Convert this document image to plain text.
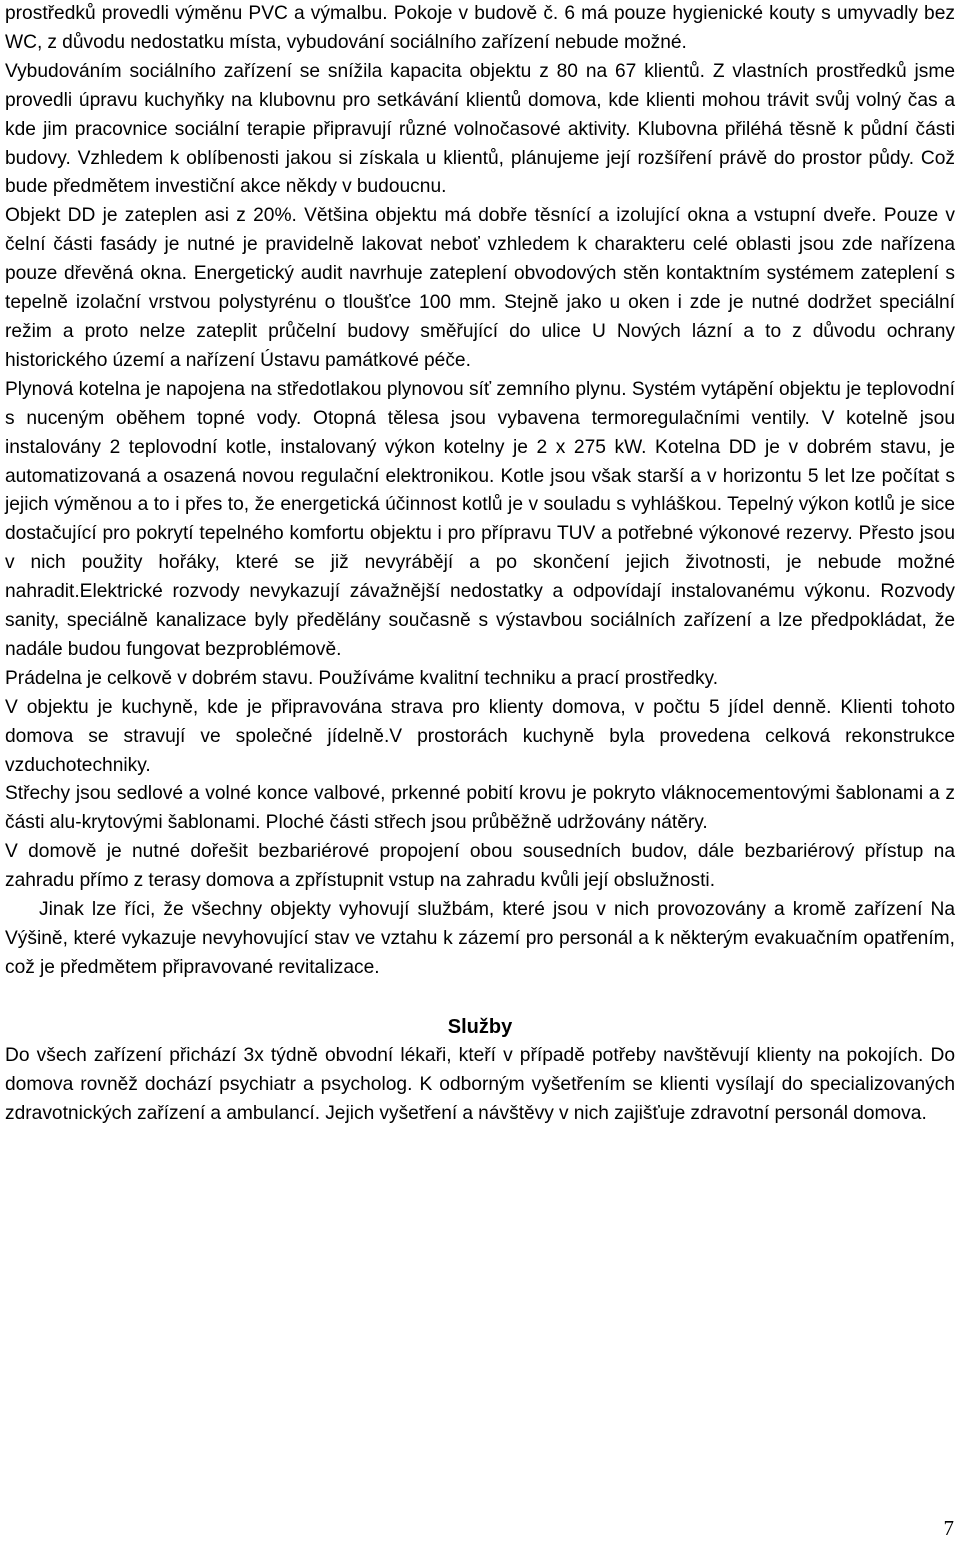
prostředků provedli výměnu PVC a výmalbu. Pokoje v budově č. 6 má pouze hygienické kouty s umyvadly bez WC, z důvodu nedostatku místa, vybudování sociálního zařízení nebude možné.

Vybudováním sociálního zařízení se snížila kapacita objektu z 80 na 67 klientů. Z vlastních prostředků jsme provedli úpravu kuchyňky na klubovnu pro setkávání klientů domova, kde klienti mohou trávit svůj volný čas a kde jim pracovnice sociální terapie připravují různé volnočasové aktivity. Klubovna přiléhá těsně k půdní části budovy. Vzhledem k oblíbenosti jakou si získala u klientů, plánujeme její rozšíření právě do prostor půdy. Což bude předmětem investiční akce někdy v budoucnu.

Objekt DD je zateplen asi z 20%. Většina objektu má dobře těsnící a izolující okna a vstupní dveře. Pouze v čelní části fasády je nutné je pravidelně lakovat neboť vzhledem k charakteru celé oblasti jsou zde nařízena pouze dřevěná okna. Energetický audit navrhuje zateplení obvodových stěn kontaktním systémem zateplení s tepelně izolační vrstvou polystyrénu o tloušťce 100 mm. Stejně jako u oken i zde je nutné dodržet speciální režim a proto nelze zateplit průčelní budovy směřující do ulice U Nových lázní a to z důvodu ochrany historického území a nařízení Ústavu památkové péče.

Plynová kotelna je napojena na středotlakou plynovou síť zemního plynu. Systém vytápění objektu je teplovodní s nuceným oběhem topné vody. Otopná tělesa jsou vybavena termoregulačními ventily. V kotelně jsou instalovány 2 teplovodní kotle, instalovaný výkon kotelny je 2 x 275 kW. Kotelna DD je v dobrém stavu, je automatizovaná a osazená novou regulační elektronikou. Kotle jsou však starší a v horizontu 5 let lze počítat s jejich výměnou a to i přes to, že energetická účinnost kotlů je v souladu s vyhláškou. Tepelný výkon kotlů je sice dostačující pro pokrytí tepelného komfortu objektu i pro přípravu TUV a potřebné výkonové rezervy. Přesto jsou v nich použity hořáky, které se již nevyrábějí a po skončení jejich životnosti, je nebude možné nahradit.Elektrické rozvody nevykazují závažnější nedostatky a odpovídají instalovanému výkonu. Rozvody sanity, speciálně kanalizace byly předělány současně s výstavbou sociálních zařízení a lze předpokládat, že nadále budou fungovat bezproblémově.

Prádelna je celkově v dobrém stavu. Používáme kvalitní techniku a prací prostředky.

V objektu je kuchyně, kde je připravována strava pro klienty domova, v počtu 5 jídel denně. Klienti tohoto domova se stravují ve společné jídelně.V prostorách kuchyně byla provedena celková rekonstrukce vzduchotechniky.

Střechy jsou sedlové a volné konce valbové, prkenné pobití krovu je pokryto vláknocementovými šablonami a z části alu-krytovými šablonami. Ploché části střech jsou průběžně udržovány nátěry.

V domově je nutné dořešit bezbariérové propojení obou sousedních budov, dále bezbariérový přístup na zahradu přímo z terasy domova a zpřístupnit vstup na zahradu kvůli její obslužnosti.

Jinak lze říci, že všechny objekty vyhovují službám, které jsou v nich provozovány a kromě zařízení Na Výšině, které vykazuje nevyhovující stav ve vztahu k zázemí pro personál a k některým evakuačním opatřením, což je předmětem připravované revitalizace.

Služby

Do všech zařízení přichází 3x týdně obvodní lékaři, kteří v případě potřeby navštěvují klienty na pokojích. Do domova rovněž dochází psychiatr a psycholog. K odborným vyšetřením se klienti vysílají do specializovaných zdravotnických zařízení a ambulancí. Jejich vyšetření a návštěvy v nich zajišťuje zdravotní personál domova.

7
